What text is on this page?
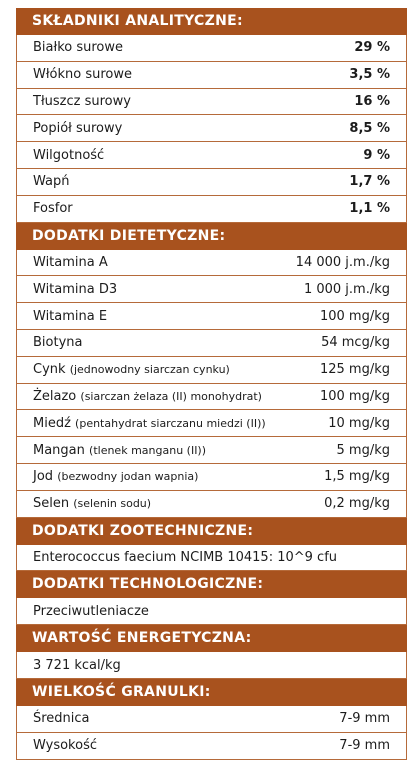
SKŁADNIKI ANALITYCZNE:
Białko surowe	29 %
Włókno surowe	3,5 %
Tłuszcz surowy	16 %
Popiół surowy	8,5 %
Wilgotność	9 %
Wapń	1,7 %
Fosfor	1,1 %
DODATKI DIETETYCZNE:
Witamina A	14 000 j.m./kg
Witamina D3	1 000 j.m./kg
Witamina E	100 mg/kg
Biotyna	54 mcg/kg
Cynk (jednowodny siarczan cynku)	125 mg/kg
Żelazo (siarczan żelaza (II) monohydrat)	100 mg/kg
Miedź (pentahydrat siarczanu miedzi (II))	10 mg/kg
Mangan (tlenek manganu (II))	5 mg/kg
Jod (bezwodny jodan wapnia)	1,5 mg/kg
Selen (selenin sodu)	0,2 mg/kg
DODATKI ZOOTECHNICZNE:
Enterococcus faecium NCIMB 10415: 10^9 cfu
DODATKI TECHNOLOGICZNE:
Przeciwutleniacze
WARTOŚĆ ENERGETYCZNA:
3 721 kcal/kg
WIELKOŚĆ GRANULKI:
Średnica	7-9 mm
Wysokość	7-9 mm
